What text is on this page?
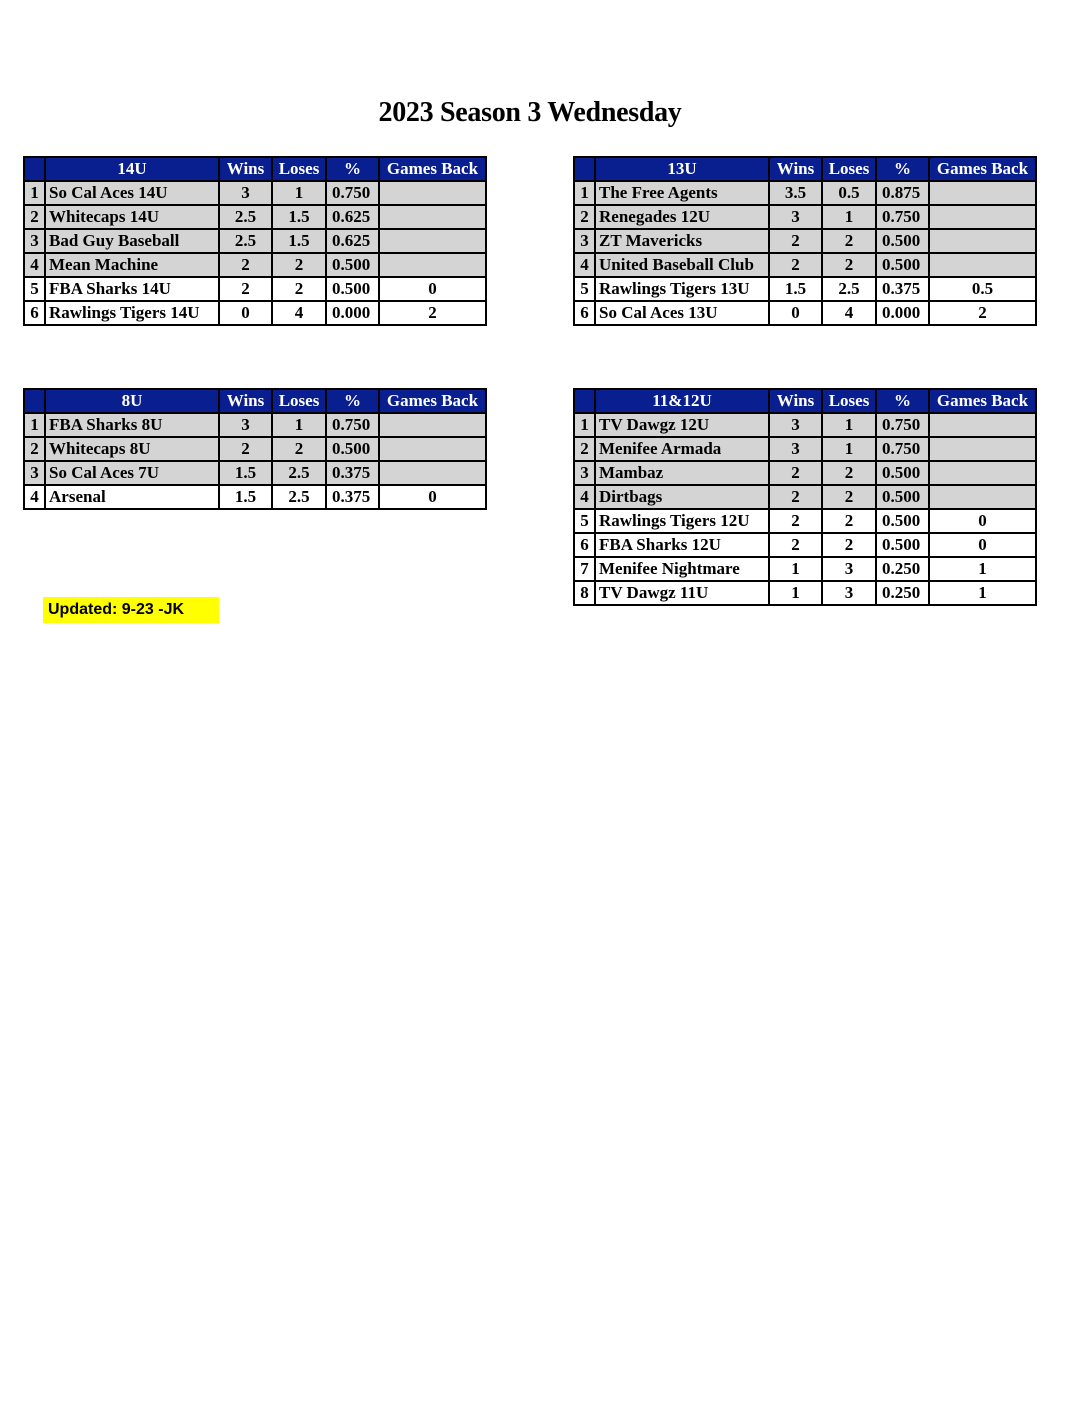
2023 Season 3 Wednesday
	14U	Wins	Loses	%	Games Back
1	So Cal Aces 14U	3	1	0.750	
2	Whitecaps 14U	2.5	1.5	0.625	
3	Bad Guy Baseball	2.5	1.5	0.625	
4	Mean Machine	2	2	0.500	
5	FBA Sharks 14U	2	2	0.500	0
6	Rawlings Tigers 14U	0	4	0.000	2
	13U	Wins	Loses	%	Games Back
1	The Free Agents	3.5	0.5	0.875	
2	Renegades 12U	3	1	0.750	
3	ZT Mavericks	2	2	0.500	
4	United Baseball Club	2	2	0.500	
5	Rawlings Tigers 13U	1.5	2.5	0.375	0.5
6	So Cal Aces 13U	0	4	0.000	2
	8U	Wins	Loses	%	Games Back
1	FBA Sharks 8U	3	1	0.750	
2	Whitecaps 8U	2	2	0.500	
3	So Cal Aces 7U	1.5	2.5	0.375	
4	Arsenal	1.5	2.5	0.375	0
	11&12U	Wins	Loses	%	Games Back
1	TV Dawgz 12U	3	1	0.750	
2	Menifee Armada	3	1	0.750	
3	Mambaz	2	2	0.500	
4	Dirtbags	2	2	0.500	
5	Rawlings Tigers 12U	2	2	0.500	0
6	FBA Sharks 12U	2	2	0.500	0
7	Menifee Nightmare	1	3	0.250	1
8	TV Dawgz 11U	1	3	0.250	1
Updated: 9-23 -JK
